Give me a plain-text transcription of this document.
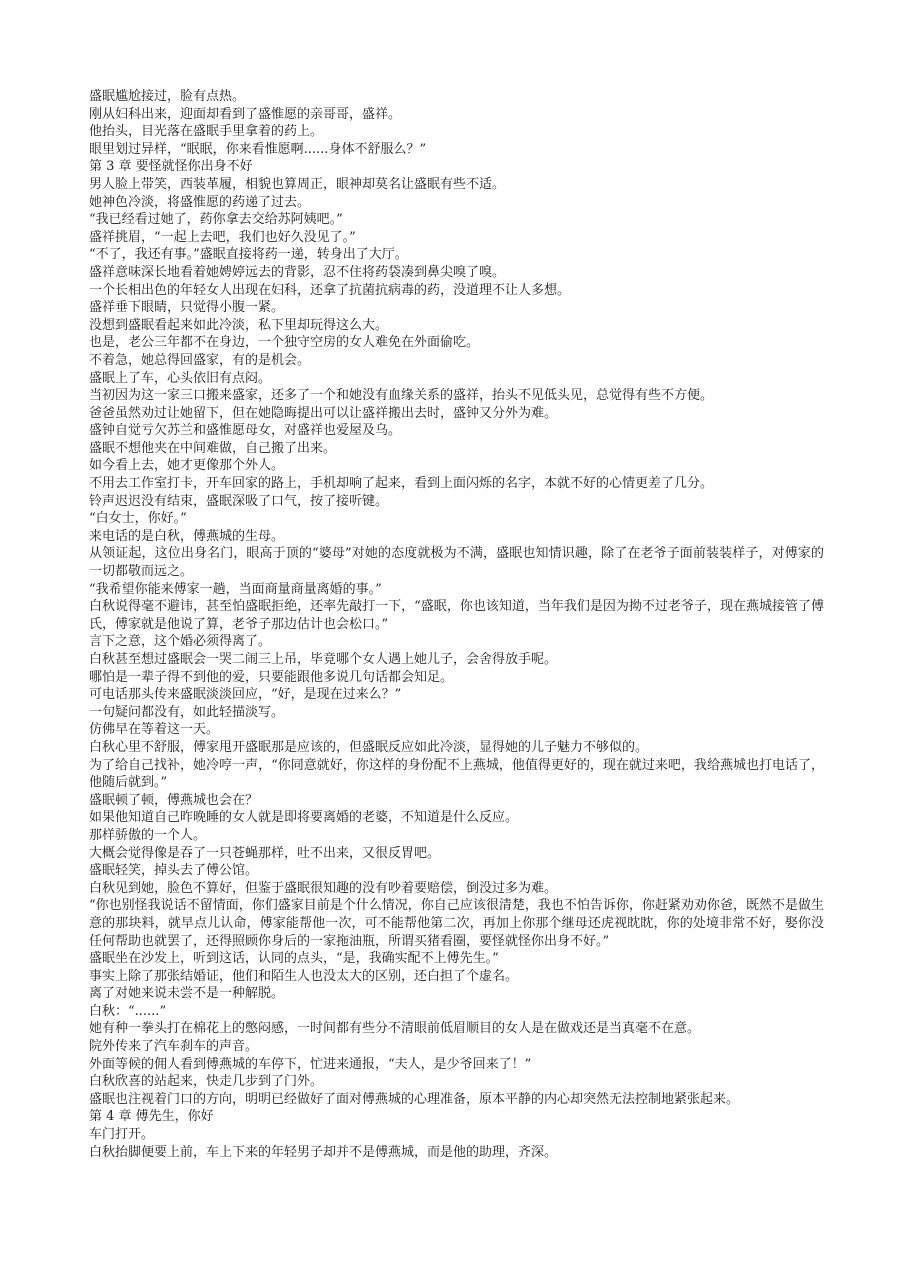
盛眠尴尬接过，脸有点热。

刚从妇科出来，迎面却看到了盛惟愿的亲哥哥，盛祥。

他抬头，目光落在盛眠手里拿着的药上。

眼里划过异样，“眠眠，你来看惟愿啊......身体不舒服么？”

第 3 章 要怪就怪你出身不好

男人脸上带笑，西装革履，相貌也算周正，眼神却莫名让盛眠有些不适。

她神色冷淡，将盛惟愿的药递了过去。

“我已经看过她了，药你拿去交给苏阿姨吧。”

盛祥挑眉，“一起上去吧，我们也好久没见了。”

“不了，我还有事。”盛眠直接将药一递，转身出了大厅。

盛祥意味深长地看着她娉婷远去的背影，忍不住将药袋凑到鼻尖嗅了嗅。

一个长相出色的年轻女人出现在妇科，还拿了抗菌抗病毒的药，没道理不让人多想。

盛祥垂下眼睛，只觉得小腹一紧。

没想到盛眠看起来如此冷淡，私下里却玩得这么大。

也是，老公三年都不在身边，一个独守空房的女人难免在外面偷吃。

不着急，她总得回盛家，有的是机会。

盛眠上了车，心头依旧有点闷。

当初因为这一家三口搬来盛家，还多了一个和她没有血缘关系的盛祥，抬头不见低头见，总觉得有些不方便。

爸爸虽然劝过让她留下，但在她隐晦提出可以让盛祥搬出去时，盛钟又分外为难。

盛钟自觉亏欠苏兰和盛惟愿母女，对盛祥也爱屋及乌。

盛眠不想他夹在中间难做，自己搬了出来。

如今看上去，她才更像那个外人。

不用去工作室打卡，开车回家的路上，手机却响了起来，看到上面闪烁的名字，本就不好的心情更差了几分。

铃声迟迟没有结束，盛眠深吸了口气，按了接听键。

“白女士，你好。”

来电话的是白秋，傅燕城的生母。

从领证起，这位出身名门，眼高于顶的“婆母”对她的态度就极为不满，盛眠也知情识趣，除了在老爷子面前装装样子，对傅家的一切都敬而远之。

“我希望你能来傅家一趟，当面商量商量离婚的事。”

白秋说得毫不避讳，甚至怕盛眠拒绝，还率先敲打一下，“盛眠，你也该知道，当年我们是因为拗不过老爷子，现在燕城接管了傅氏，傅家就是他说了算，老爷子那边估计也会松口。”

言下之意，这个婚必须得离了。

白秋甚至想过盛眠会一哭二闹三上吊，毕竟哪个女人遇上她儿子，会舍得放手呢。

哪怕是一辈子得不到他的爱，只要能跟他多说几句话都会知足。

可电话那头传来盛眠淡淡回应，“好，是现在过来么？”

一句疑问都没有，如此轻描淡写。

仿佛早在等着这一天。

白秋心里不舒服，傅家甩开盛眠那是应该的，但盛眠反应如此冷淡，显得她的儿子魅力不够似的。

为了给自己找补，她冷哼一声，“你同意就好，你这样的身份配不上燕城，他值得更好的，现在就过来吧，我给燕城也打电话了，他随后就到。”

盛眠顿了顿，傅燕城也会在？

如果他知道自己昨晚睡的女人就是即将要离婚的老婆，不知道是什么反应。

那样骄傲的一个人。

大概会觉得像是吞了一只苍蝇那样，吐不出来，又很反胃吧。

盛眠轻笑，掉头去了傅公馆。

白秋见到她，脸色不算好，但鉴于盛眠很知趣的没有吵着要赔偿，倒没过多为难。

“你也别怪我说话不留情面，你们盛家目前是个什么情况，你自己应该很清楚，我也不怕告诉你，你赶紧劝劝你爸，既然不是做生意的那块料，就早点儿认命，傅家能帮他一次，可不能帮他第二次，再加上你那个继母还虎视眈眈，你的处境非常不好，娶你没任何帮助也就罢了，还得照顾你身后的一家拖油瓶，所谓买猪看圈，要怪就怪你出身不好。”

盛眠坐在沙发上，听到这话，认同的点头，“是，我确实配不上傅先生。”

事实上除了那张结婚证，他们和陌生人也没太大的区别，还白担了个虚名。

离了对她来说未尝不是一种解脱。

白秋：“......”

她有种一拳头打在棉花上的憋闷感，一时间都有些分不清眼前低眉顺目的女人是在做戏还是当真毫不在意。

院外传来了汽车刹车的声音。

外面等候的佣人看到傅燕城的车停下，忙进来通报，“夫人，是少爷回来了！”

白秋欣喜的站起来，快走几步到了门外。

盛眠也注视着门口的方向，明明已经做好了面对傅燕城的心理准备，原本平静的内心却突然无法控制地紧张起来。

第 4 章 傅先生，你好

车门打开。

白秋抬脚便要上前，车上下来的年轻男子却并不是傅燕城，而是他的助理，齐深。
